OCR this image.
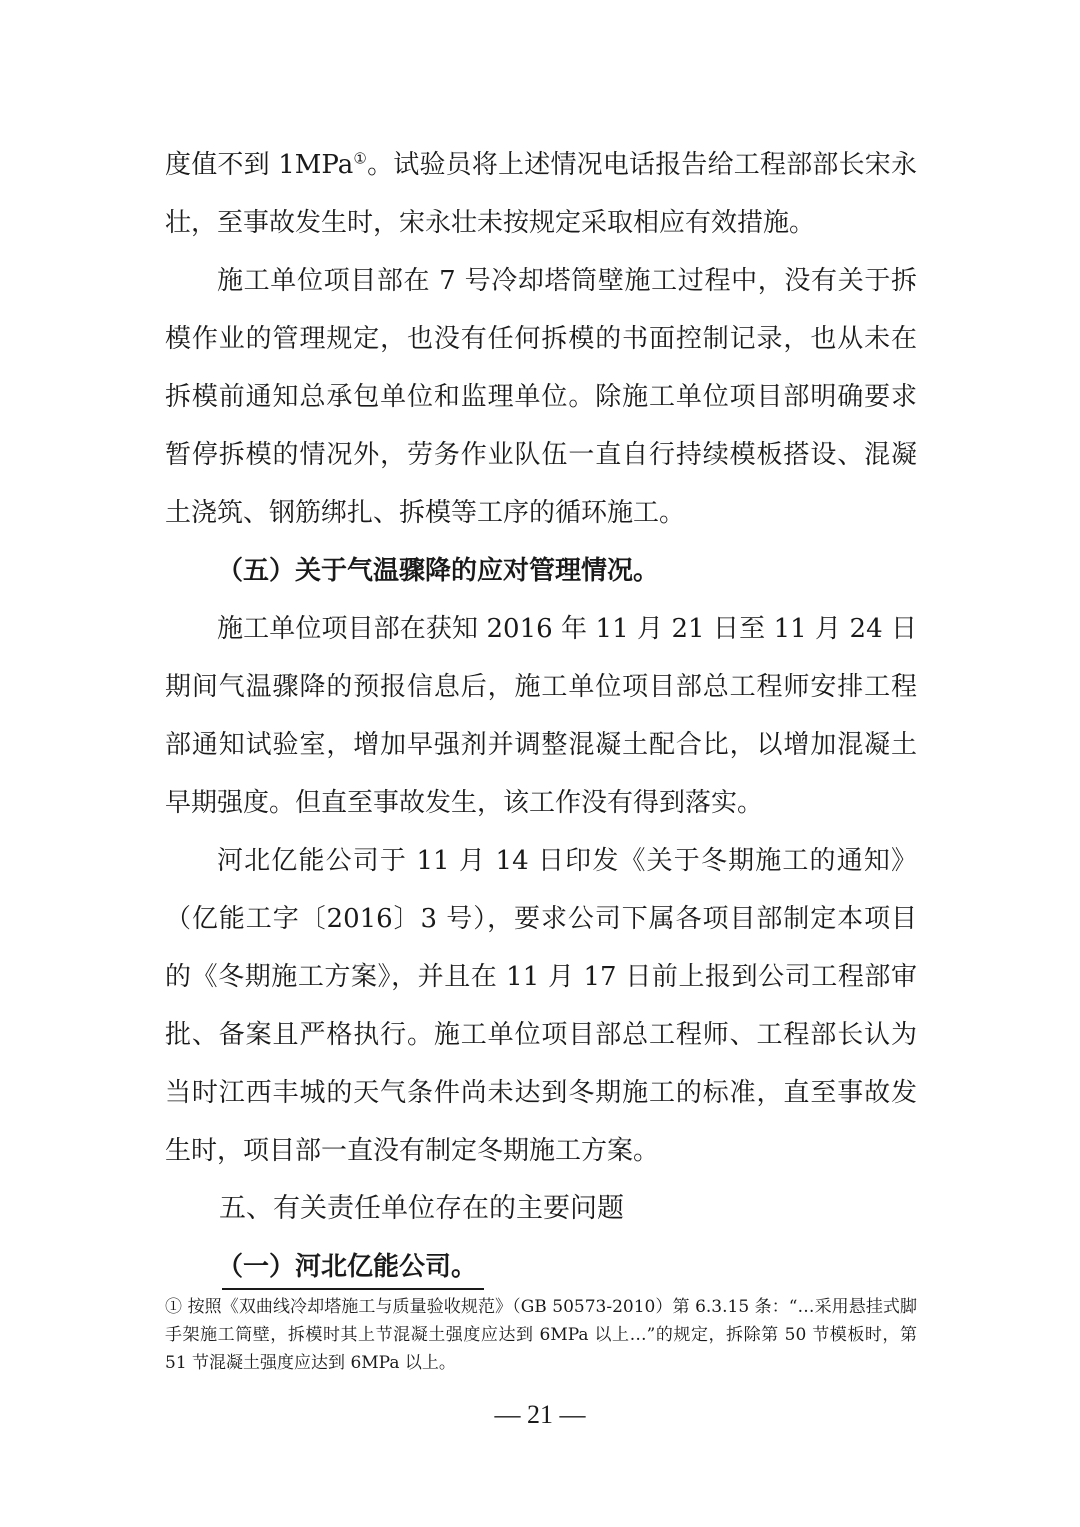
度值不到 1MPa①。试验员将上述情况电话报告给工程部部长宋永壮，至事故发生时，宋永壮未按规定采取相应有效措施。

施工单位项目部在 7 号冷却塔筒壁施工过程中，没有关于拆模作业的管理规定，也没有任何拆模的书面控制记录，也从未在拆模前通知总承包单位和监理单位。除施工单位项目部明确要求暂停拆模的情况外，劳务作业队伍一直自行持续模板搭设、混凝土浇筑、钢筋绑扎、拆模等工序的循环施工。

（五）关于气温骤降的应对管理情况。

施工单位项目部在获知 2016 年 11 月 21 日至 11 月 24 日期间气温骤降的预报信息后，施工单位项目部总工程师安排工程部通知试验室，增加早强剂并调整混凝土配合比，以增加混凝土早期强度。但直至事故发生，该工作没有得到落实。

河北亿能公司于 11 月 14 日印发《关于冬期施工的通知》（亿能工字〔2016〕3 号），要求公司下属各项目部制定本项目的《冬期施工方案》，并且在 11 月 17 日前上报到公司工程部审批、备案且严格执行。施工单位项目部总工程师、工程部长认为当时江西丰城的天气条件尚未达到冬期施工的标准，直至事故发生时，项目部一直没有制定冬期施工方案。

五、有关责任单位存在的主要问题

（一）河北亿能公司。

① 按照《双曲线冷却塔施工与质量验收规范》（GB 50573-2010）第 6.3.15 条：“…采用悬挂式脚手架施工筒壁，拆模时其上节混凝土强度应达到 6MPa 以上…”的规定，拆除第 50 节模板时，第 51 节混凝土强度应达到 6MPa 以上。

— 21 —
